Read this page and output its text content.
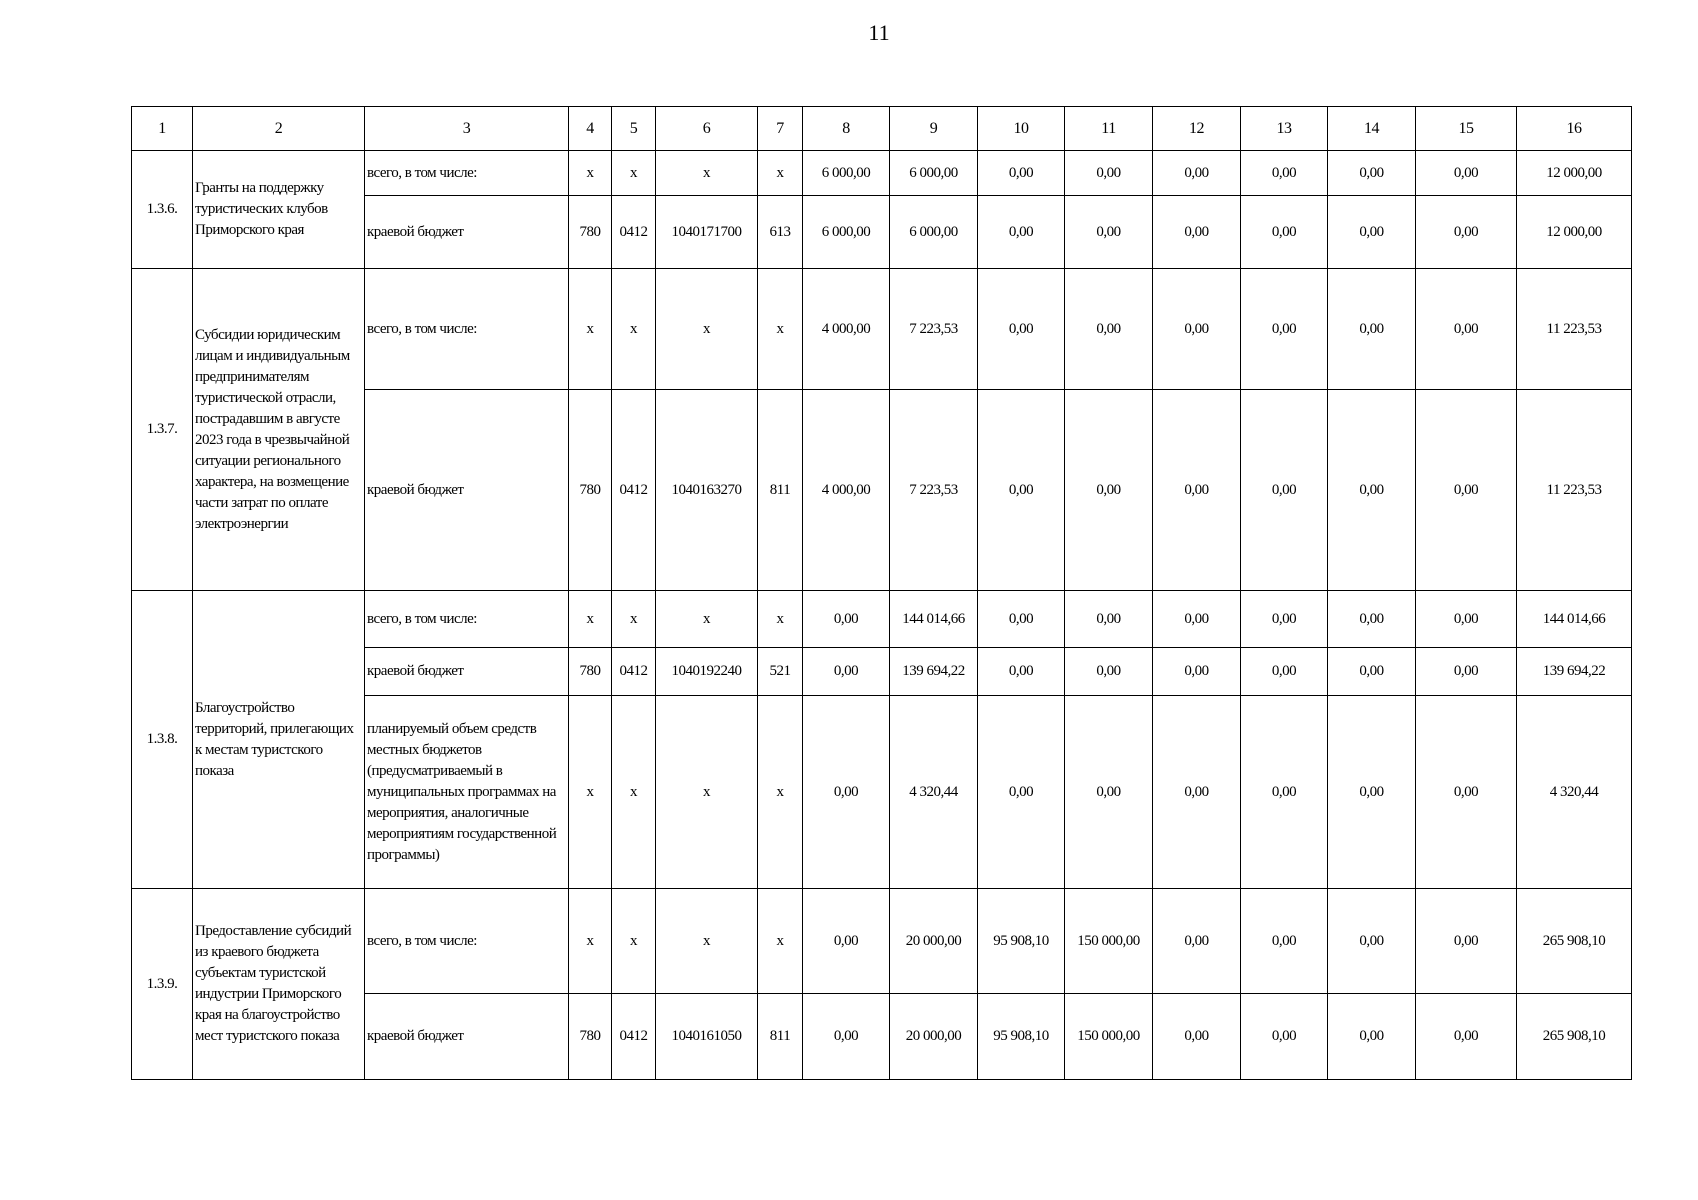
11
1	2	3	4	5	6	7	8	9	10	11	12	13	14	15	16
1.3.6.	Гранты на поддержку туристических клубов Приморского края	всего, в том числе:	х	х	х	х	6 000,00	6 000,00	0,00	0,00	0,00	0,00	0,00	0,00	12 000,00
		краевой бюджет	780	0412	1040171700	613	6 000,00	6 000,00	0,00	0,00	0,00	0,00	0,00	0,00	12 000,00
1.3.7.	Субсидии юридическим лицам и индивидуальным предпринимателям туристической отрасли, пострадавшим в августе 2023 года в чрезвычайной ситуации регионального характера, на возмещение части затрат по оплате электроэнергии	всего, в том числе:	х	х	х	х	4 000,00	7 223,53	0,00	0,00	0,00	0,00	0,00	0,00	11 223,53
		краевой бюджет	780	0412	1040163270	811	4 000,00	7 223,53	0,00	0,00	0,00	0,00	0,00	0,00	11 223,53
1.3.8.	Благоустройство территорий, прилегающих к местам туристского показа	всего, в том числе:	х	х	х	х	0,00	144 014,66	0,00	0,00	0,00	0,00	0,00	0,00	144 014,66
		краевой бюджет	780	0412	1040192240	521	0,00	139 694,22	0,00	0,00	0,00	0,00	0,00	0,00	139 694,22
		планируемый объем средств местных бюджетов (предусматриваемый в муниципальных программах на мероприятия, аналогичные мероприятиям государственной программы)	х	х	х	х	0,00	4 320,44	0,00	0,00	0,00	0,00	0,00	0,00	4 320,44
1.3.9.	Предоставление субсидий из краевого бюджета субъектам туристской индустрии Приморского края на благоустройство мест туристского показа	всего, в том числе:	х	х	х	х	0,00	20 000,00	95 908,10	150 000,00	0,00	0,00	0,00	0,00	265 908,10
		краевой бюджет	780	0412	1040161050	811	0,00	20 000,00	95 908,10	150 000,00	0,00	0,00	0,00	0,00	265 908,10
